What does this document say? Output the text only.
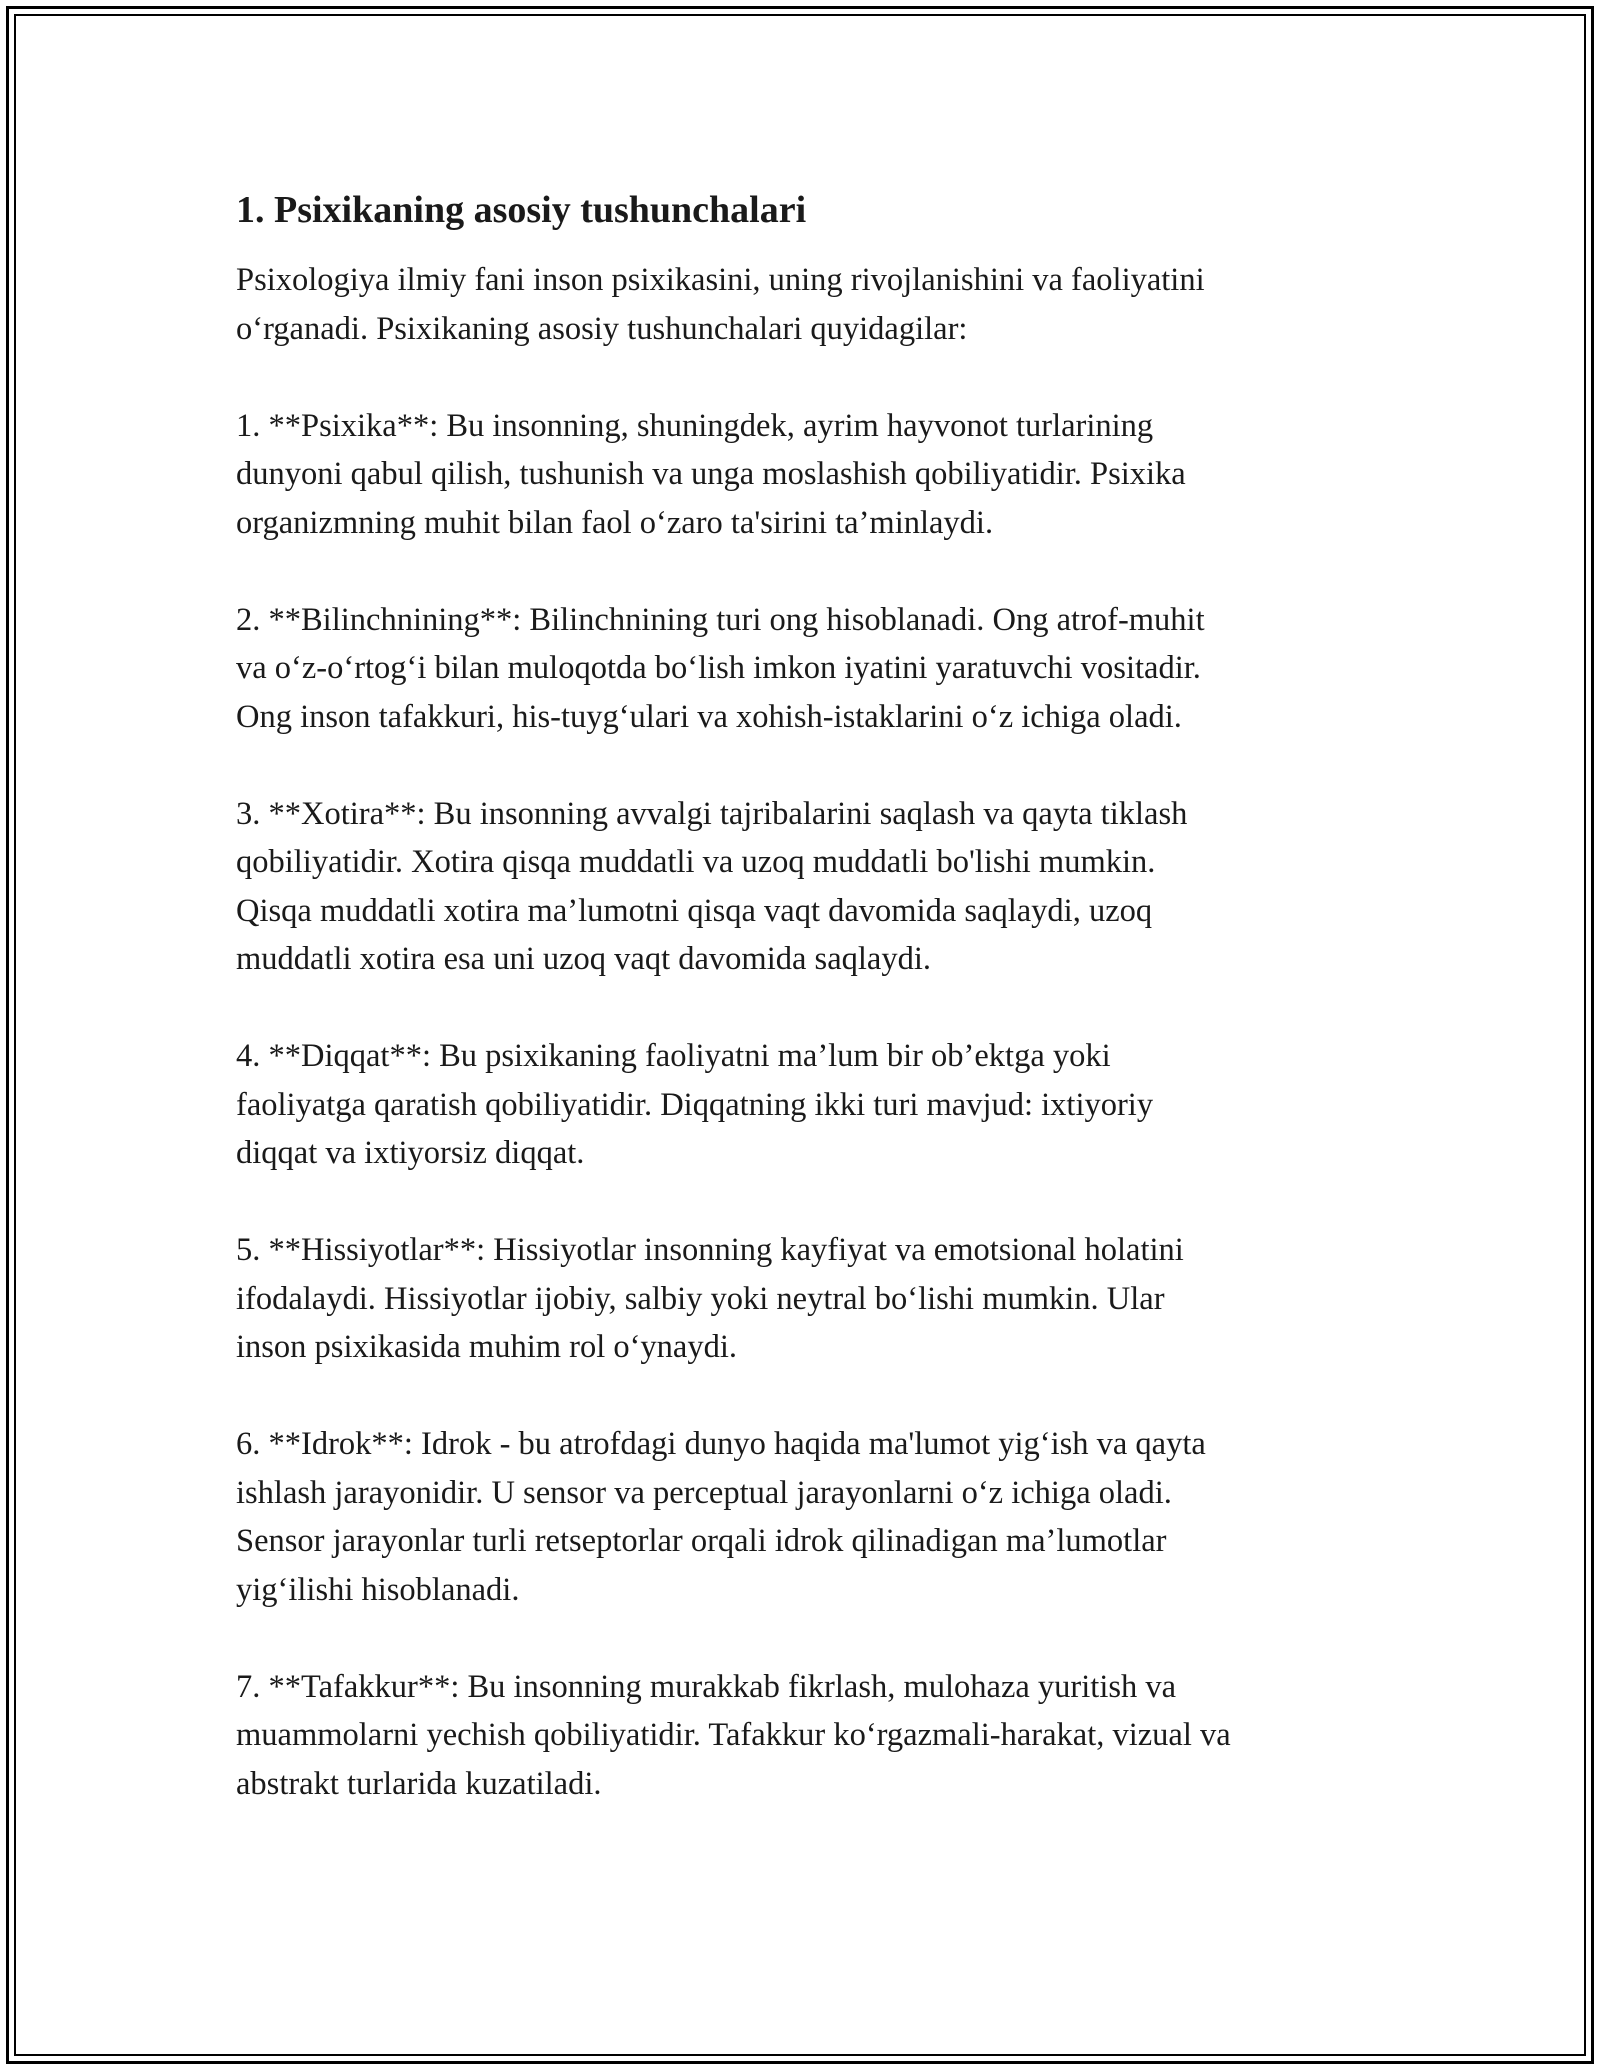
1. Psixikaning asosiy tushunchalari

Psixologiya ilmiy fani inson psixikasini, uning rivojlanishini va faoliyatini
o‘rganadi. Psixikaning asosiy tushunchalari quyidagilar:

1. **Psixika**: Bu insonning, shuningdek, ayrim hayvonot turlarining
dunyoni qabul qilish, tushunish va unga moslashish qobiliyatidir. Psixika
organizmning muhit bilan faol o‘zaro ta'sirini ta’minlaydi.

2. **Bilinchnining**: Bilinchnining turi ong hisoblanadi. Ong atrof-muhit
va o‘z-o‘rtog‘i bilan muloqotda bo‘lish imkon iyatini yaratuvchi vositadir.
Ong inson tafakkuri, his-tuyg‘ulari va xohish-istaklarini o‘z ichiga oladi.

3. **Xotira**: Bu insonning avvalgi tajribalarini saqlash va qayta tiklash
qobiliyatidir. Xotira qisqa muddatli va uzoq muddatli bo'lishi mumkin.
Qisqa muddatli xotira ma’lumotni qisqa vaqt davomida saqlaydi, uzoq
muddatli xotira esa uni uzoq vaqt davomida saqlaydi.

4. **Diqqat**: Bu psixikaning faoliyatni ma’lum bir ob’ektga yoki
faoliyatga qaratish qobiliyatidir. Diqqatning ikki turi mavjud: ixtiyoriy
diqqat va ixtiyorsiz diqqat.

5. **Hissiyotlar**: Hissiyotlar insonning kayfiyat va emotsional holatini
ifodalaydi. Hissiyotlar ijobiy, salbiy yoki neytral bo‘lishi mumkin. Ular
inson psixikasida muhim rol o‘ynaydi.

6. **Idrok**: Idrok - bu atrofdagi dunyo haqida ma'lumot yig‘ish va qayta
ishlash jarayonidir. U sensor va perceptual jarayonlarni o‘z ichiga oladi.
Sensor jarayonlar turli retseptorlar orqali idrok qilinadigan ma’lumotlar
yig‘ilishi hisoblanadi.

7. **Tafakkur**: Bu insonning murakkab fikrlash, mulohaza yuritish va
muammolarni yechish qobiliyatidir. Tafakkur ko‘rgazmali-harakat, vizual va
abstrakt turlarida kuzatiladi.
